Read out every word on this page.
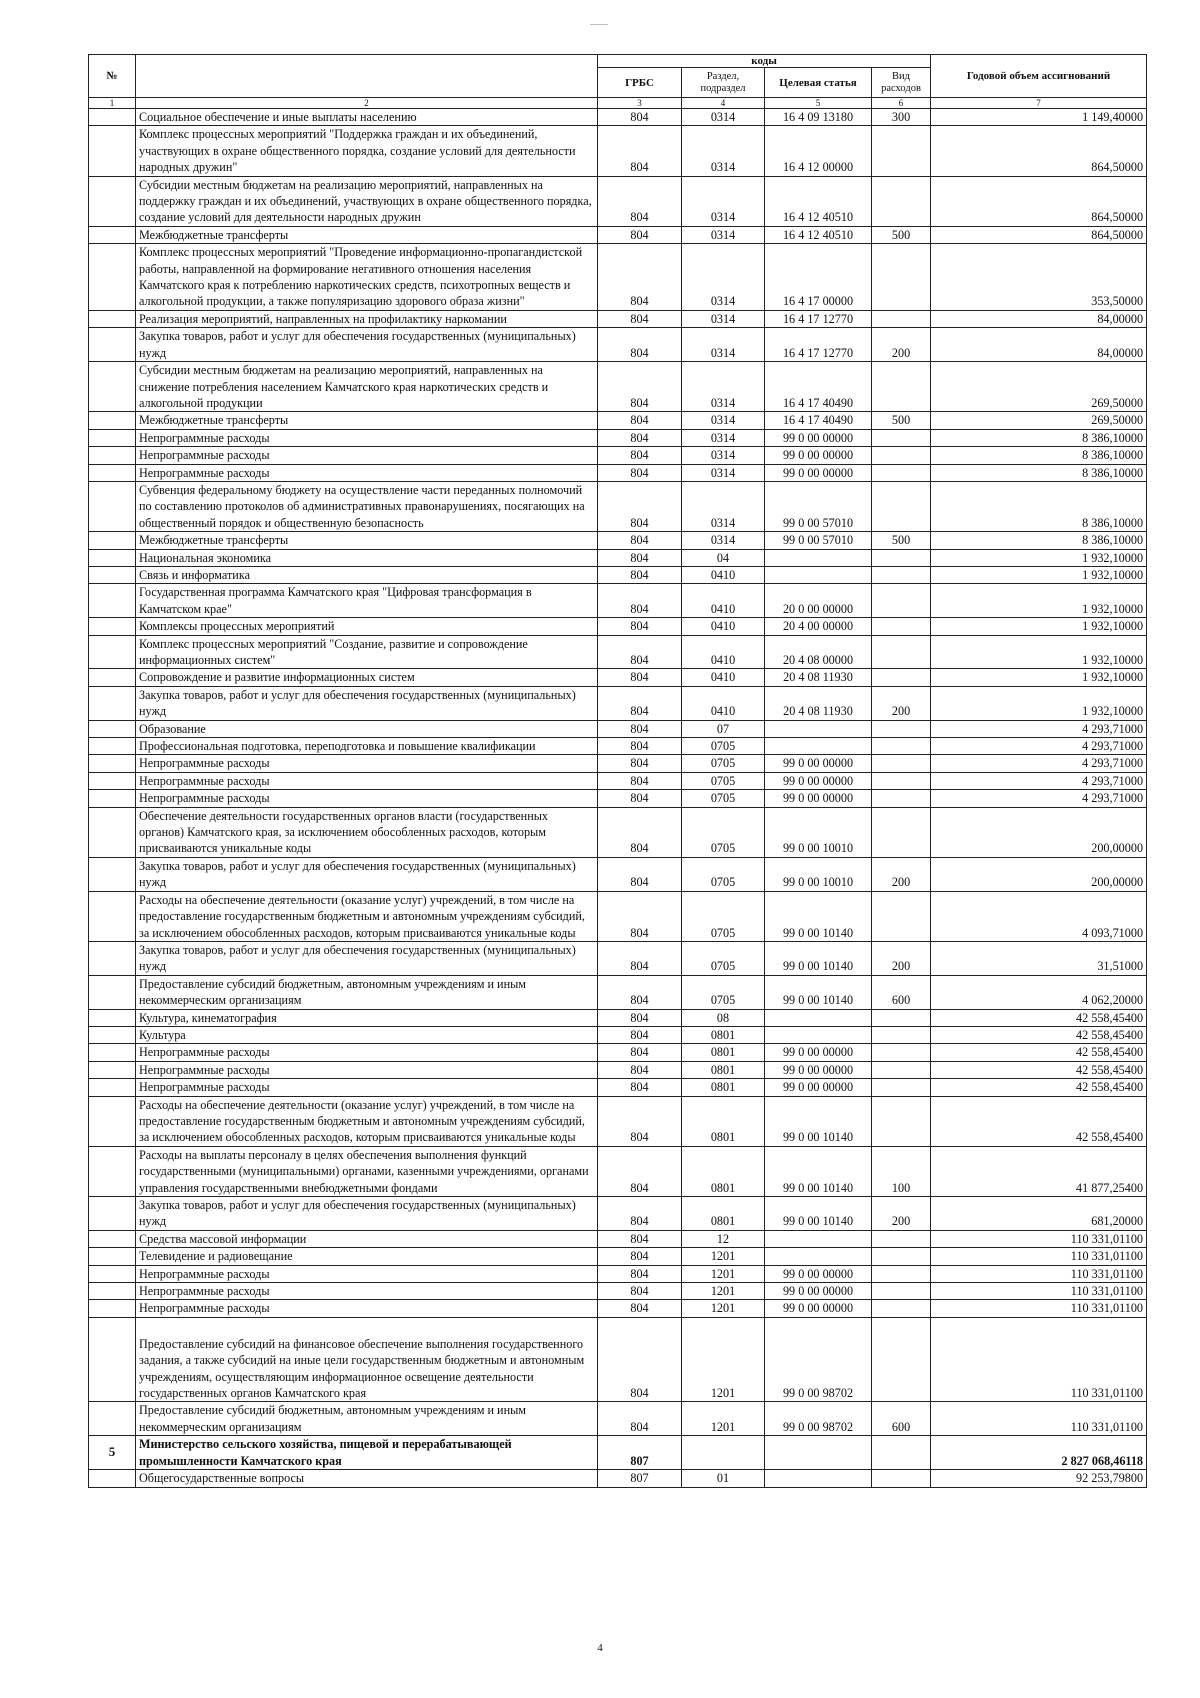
№		коды				Годовой объем ассигнований
		ГРБС	Раздел, подраздел	Целевая статья	Вид расходов	
1	2	3	4	5	6	7
	Социальное обеспечение и иные выплаты населению	804	0314	16 4 09 13180	300	1 149,40000
	Комплекс процессных мероприятий "Поддержка граждан и их объединений, участвующих в охране общественного порядка, создание условий для деятельности народных дружин"	804	0314	16 4 12 00000		864,50000
	Субсидии местным бюджетам на реализацию мероприятий, направленных на поддержку граждан и их объединений, участвующих в охране общественного порядка, создание условий для деятельности народных дружин	804	0314	16 4 12 40510		864,50000
	Межбюджетные трансферты	804	0314	16 4 12 40510	500	864,50000
	Комплекс процессных мероприятий "Проведение информационно-пропагандистской работы, направленной на формирование негативного отношения населения Камчатского края к потреблению наркотических средств, психотропных веществ и алкогольной продукции, а также популяризацию здорового образа жизни"	804	0314	16 4 17 00000		353,50000
	Реализация мероприятий, направленных на профилактику наркомании	804	0314	16 4 17 12770		84,00000
	Закупка товаров, работ и услуг для обеспечения государственных (муниципальных) нужд	804	0314	16 4 17 12770	200	84,00000
	Субсидии местным бюджетам на реализацию мероприятий, направленных на снижение потребления населением Камчатского края наркотических средств и алкогольной продукции	804	0314	16 4 17 40490		269,50000
	Межбюджетные трансферты	804	0314	16 4 17 40490	500	269,50000
	Непрограммные расходы	804	0314	99 0 00 00000		8 386,10000
	Непрограммные расходы	804	0314	99 0 00 00000		8 386,10000
	Непрограммные расходы	804	0314	99 0 00 00000		8 386,10000
	Субвенция федеральному бюджету на осуществление части переданных полномочий по составлению протоколов об административных правонарушениях, посягающих на общественный порядок и общественную безопасность	804	0314	99 0 00 57010		8 386,10000
	Межбюджетные трансферты	804	0314	99 0 00 57010	500	8 386,10000
	Национальная экономика	804	04			1 932,10000
	Связь и информатика	804	0410			1 932,10000
	Государственная программа Камчатского края "Цифровая трансформация в Камчатском крае"	804	0410	20 0 00 00000		1 932,10000
	Комплексы процессных мероприятий	804	0410	20 4 00 00000		1 932,10000
	Комплекс процессных мероприятий "Создание, развитие и сопровождение информационных систем"	804	0410	20 4 08 00000		1 932,10000
	Сопровождение и развитие информационных систем	804	0410	20 4 08 11930		1 932,10000
	Закупка товаров, работ и услуг для обеспечения государственных (муниципальных) нужд	804	0410	20 4 08 11930	200	1 932,10000
	Образование	804	07			4 293,71000
	Профессиональная подготовка, переподготовка и повышение квалификации	804	0705			4 293,71000
	Непрограммные расходы	804	0705	99 0 00 00000		4 293,71000
	Непрограммные расходы	804	0705	99 0 00 00000		4 293,71000
	Непрограммные расходы	804	0705	99 0 00 00000		4 293,71000
	Обеспечение деятельности государственных органов власти (государственных органов) Камчатского края, за исключением обособленных расходов, которым присваиваются уникальные коды	804	0705	99 0 00 10010		200,00000
	Закупка товаров, работ и услуг для обеспечения государственных (муниципальных) нужд	804	0705	99 0 00 10010	200	200,00000
	Расходы на обеспечение деятельности (оказание услуг) учреждений, в том числе на предоставление государственным бюджетным и автономным учреждениям субсидий, за исключением обособленных расходов, которым присваиваются уникальные коды	804	0705	99 0 00 10140		4 093,71000
	Закупка товаров, работ и услуг для обеспечения государственных (муниципальных) нужд	804	0705	99 0 00 10140	200	31,51000
	Предоставление субсидий бюджетным, автономным учреждениям и иным некоммерческим организациям	804	0705	99 0 00 10140	600	4 062,20000
	Культура, кинематография	804	08			42 558,45400
	Культура	804	0801			42 558,45400
	Непрограммные расходы	804	0801	99 0 00 00000		42 558,45400
	Непрограммные расходы	804	0801	99 0 00 00000		42 558,45400
	Непрограммные расходы	804	0801	99 0 00 00000		42 558,45400
	Расходы на обеспечение деятельности (оказание услуг) учреждений, в том числе на предоставление государственным бюджетным и автономным учреждениям субсидий, за исключением обособленных расходов, которым присваиваются уникальные коды	804	0801	99 0 00 10140		42 558,45400
	Расходы на выплаты персоналу в целях обеспечения выполнения функций государственными (муниципальными) органами, казенными учреждениями, органами управления государственными внебюджетными фондами	804	0801	99 0 00 10140	100	41 877,25400
	Закупка товаров, работ и услуг для обеспечения государственных (муниципальных) нужд	804	0801	99 0 00 10140	200	681,20000
	Средства массовой информации	804	12			110 331,01100
	Телевидение и радиовещание	804	1201			110 331,01100
	Непрограммные расходы	804	1201	99 0 00 00000		110 331,01100
	Непрограммные расходы	804	1201	99 0 00 00000		110 331,01100
	Непрограммные расходы	804	1201	99 0 00 00000		110 331,01100
	Предоставление субсидий на финансовое обеспечение выполнения государственного задания, а также субсидий на иные цели государственным бюджетным и автономным учреждениям, осуществляющим информационное освещение деятельности государственных органов Камчатского края	804	1201	99 0 00 98702		110 331,01100
	Предоставление субсидий бюджетным, автономным учреждениям и иным некоммерческим организациям	804	1201	99 0 00 98702	600	110 331,01100
5	Министерство сельского хозяйства, пищевой и перерабатывающей промышленности Камчатского края	807				2 827 068,46118
	Общегосударственные вопросы	807	01			92 253,79800
4
